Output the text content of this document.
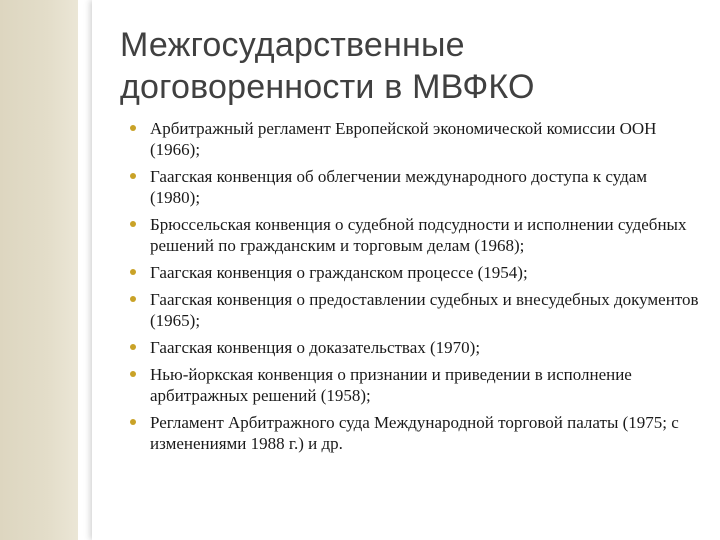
Межгосударственные
договоренности в МВФКО
Арбитражный регламент Европейской экономической комиссии ООН (1966);
Гаагская конвенция об облегчении международного доступа к судам (1980);
Брюссельская конвенция о судебной подсудности и исполнении судебных решений по гражданским и торговым делам (1968);
Гаагская конвенция о гражданском процессе (1954);
Гаагская конвенция о предоставлении судебных и внесудебных документов (1965);
Гаагская конвенция о доказательствах (1970);
Нью-йоркская конвенция о признании и приведении в исполнение арбитражных решений (1958);
Регламент Арбитражного суда Международной торговой палаты (1975; с изменениями 1988 г.) и др.
